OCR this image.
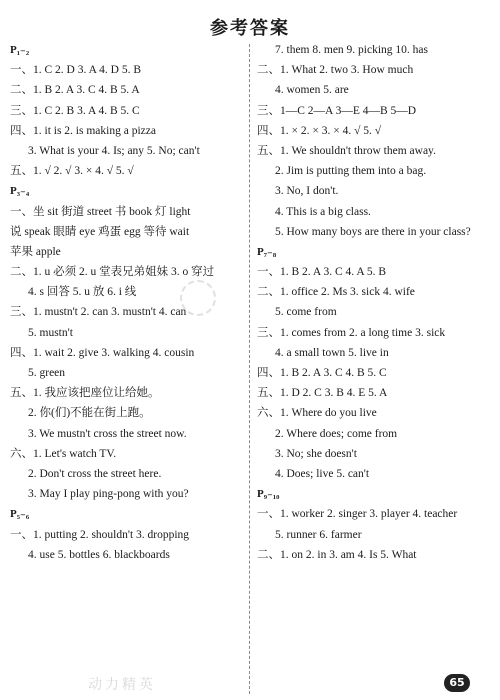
参考答案
P₁₋₂
一、1. C 2. D 3. A 4. D 5. B
二、1. B 2. A 3. C 4. B 5. A
三、1. C 2. B 3. A 4. B 5. C
四、1. it is 2. is making a pizza
3. What is your 4. Is; any 5. No; can't
五、1. √ 2. √ 3. × 4. √ 5. √
P₃₋₄
一、坐 sit 街道 street 书 book 灯 light
说 speak 眼睛 eye 鸡蛋 egg 等待 wait
苹果 apple
二、1. u 必须 2. u 堂表兄弟姐妹 3. o 穿过
4. s 回答 5. u 放 6. i 线
三、1. mustn't 2. can 3. mustn't 4. can
5. mustn't
四、1. wait 2. give 3. walking 4. cousin
5. green
五、1. 我应该把座位让给她。
2. 你(们)不能在街上跑。
3. We mustn't cross the street now.
六、1. Let's watch TV.
2. Don't cross the street here.
3. May I play ping-pong with you?
P₅₋₆
一、1. putting 2. shouldn't 3. dropping
4. use 5. bottles 6. blackboards
7. them 8. men 9. picking 10. has
二、1. What 2. two 3. How much
4. women 5. are
三、1—C 2—A 3—E 4—B 5—D
四、1. × 2. × 3. × 4. √ 5. √
五、1. We shouldn't throw them away.
2. Jim is putting them into a bag.
3. No, I don't.
4. This is a big class.
5. How many boys are there in your class?
P₇₋₈
一、1. B 2. A 3. C 4. A 5. B
二、1. office 2. Ms 3. sick 4. wife
5. come from
三、1. comes from 2. a long time 3. sick
4. a small town 5. live in
四、1. B 2. A 3. C 4. B 5. C
五、1. D 2. C 3. B 4. E 5. A
六、1. Where do you live
2. Where does; come from
3. No; she doesn't
4. Does; live 5. can't
P₉₋₁₀
一、1. worker 2. singer 3. player 4. teacher
5. runner 6. farmer
二、1. on 2. in 3. am 4. Is 5. What
动力精英	65
